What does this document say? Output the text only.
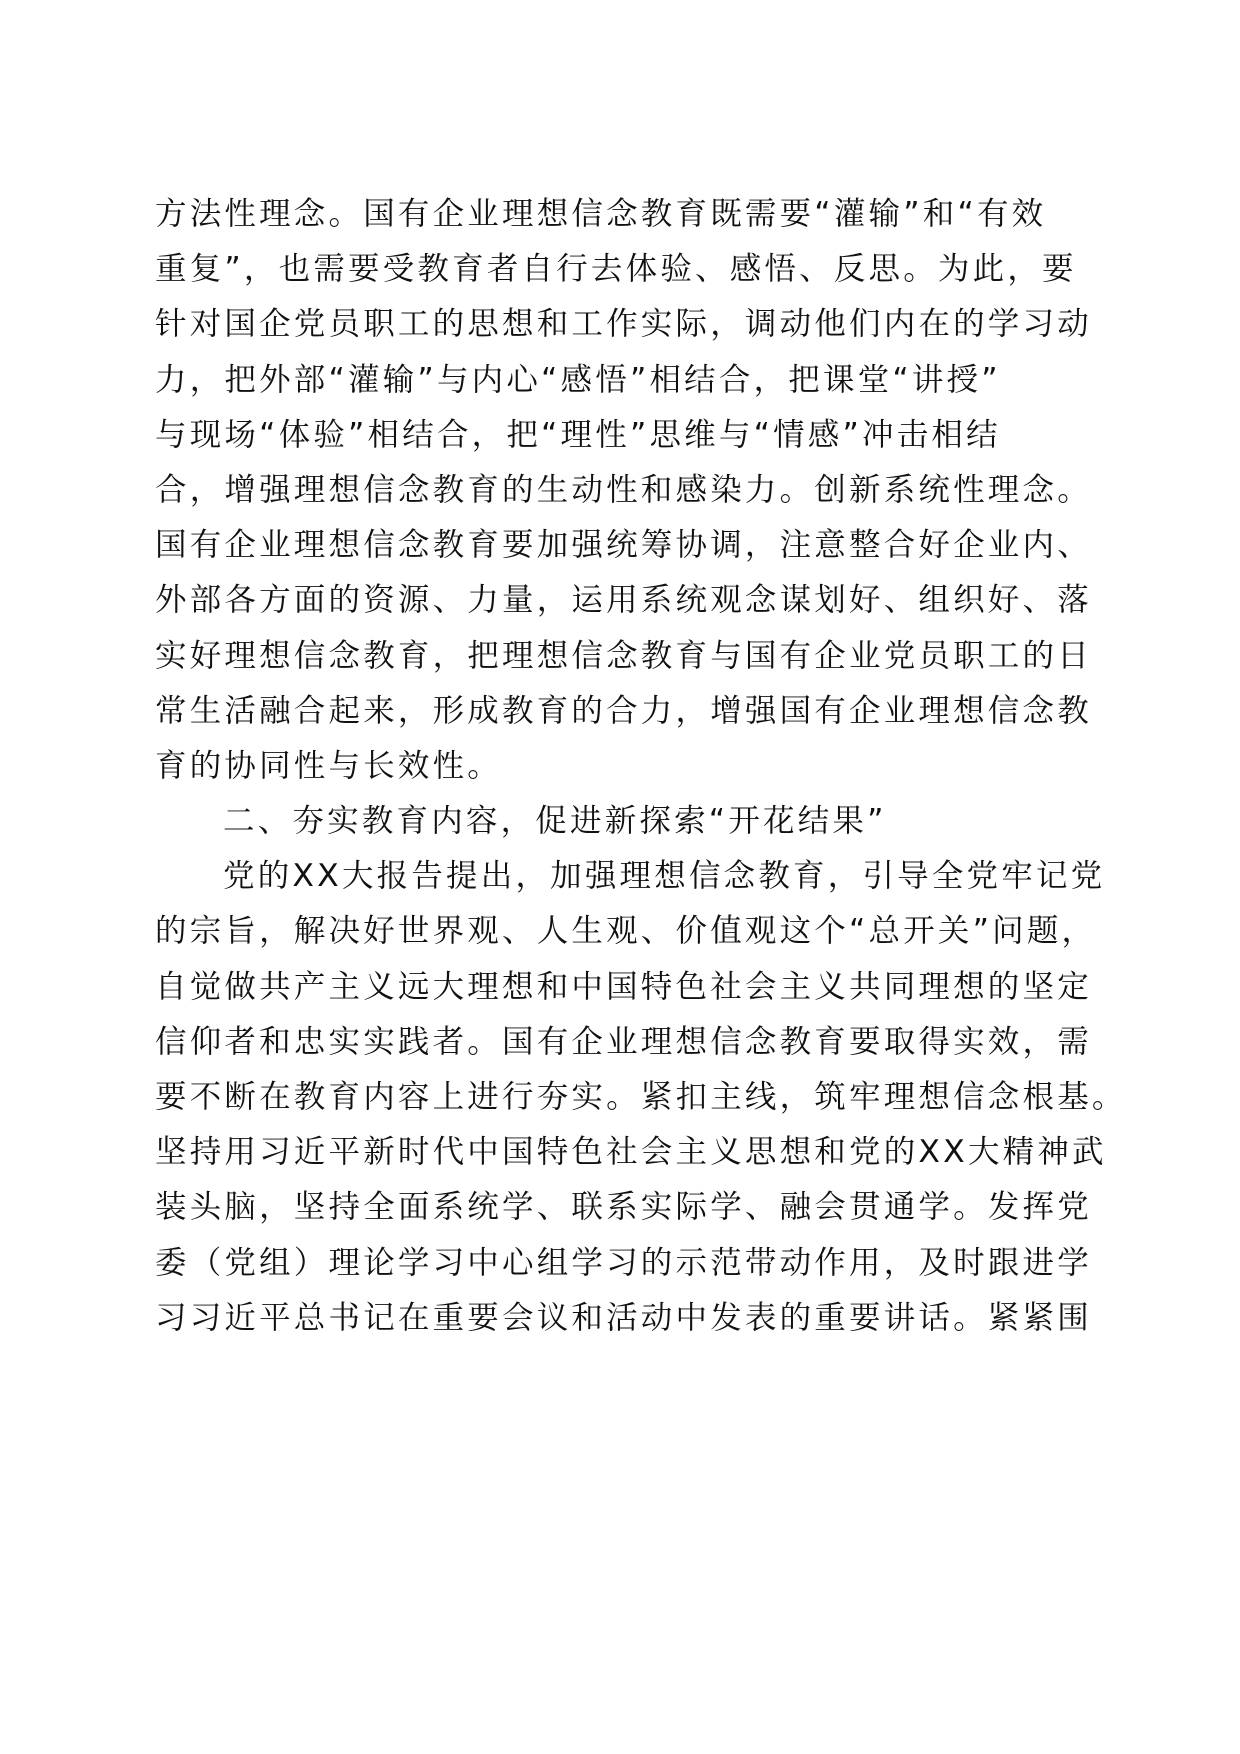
方法性理念。国有企业理想信念教育既需要“灌输”和“有效
重复”，也需要受教育者自行去体验、感悟、反思。为此，要
针对国企党员职工的思想和工作实际，调动他们内在的学习动
力，把外部“灌输”与内心“感悟”相结合，把课堂“讲授”
与现场“体验”相结合，把“理性”思维与“情感”冲击相结
合，增强理想信念教育的生动性和感染力。创新系统性理念。
国有企业理想信念教育要加强统筹协调，注意整合好企业内、
外部各方面的资源、力量，运用系统观念谋划好、组织好、落
实好理想信念教育，把理想信念教育与国有企业党员职工的日
常生活融合起来，形成教育的合力，增强国有企业理想信念教
育的协同性与长效性。
二、夯实教育内容，促进新探索“开花结果”
党的XX大报告提出，加强理想信念教育，引导全党牢记党
的宗旨，解决好世界观、人生观、价值观这个“总开关”问题，
自觉做共产主义远大理想和中国特色社会主义共同理想的坚定
信仰者和忠实实践者。国有企业理想信念教育要取得实效，需
要不断在教育内容上进行夯实。紧扣主线，筑牢理想信念根基。
坚持用习近平新时代中国特色社会主义思想和党的XX大精神武
装头脑，坚持全面系统学、联系实际学、融会贯通学。发挥党
委（党组）理论学习中心组学习的示范带动作用，及时跟进学
习习近平总书记在重要会议和活动中发表的重要讲话。紧紧围
